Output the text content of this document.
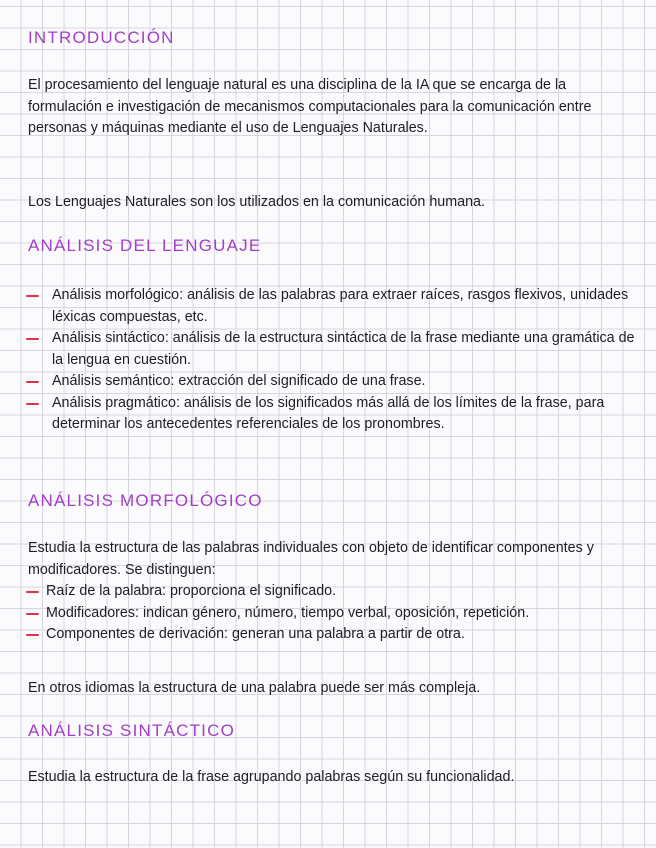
INTRODUCCIÓN

El procesamiento del lenguaje natural es una disciplina de la IA que se encarga de la formulación e investigación de mecanismos computacionales para la comunicación entre personas y máquinas mediante el uso de Lenguajes Naturales.

Los Lenguajes Naturales son los utilizados en la comunicación humana.

ANÁLISIS DEL LENGUAJE
Análisis morfológico: análisis de las palabras para extraer raíces, rasgos flexivos, unidades léxicas compuestas, etc.
Análisis sintáctico: análisis de la estructura sintáctica de la frase mediante una gramática de la lengua en cuestión.
Análisis semántico: extracción del significado de una frase.
Análisis pragmático: análisis de los significados más allá de los límites de la frase, para determinar los antecedentes referenciales de los pronombres.
ANÁLISIS MORFOLÓGICO

Estudia la estructura de las palabras individuales con objeto de identificar componentes y modificadores. Se distinguen:

Raíz de la palabra: proporciona el significado.
Modificadores: indican género, número, tiempo verbal, oposición, repetición.
Componentes de derivación: generan una palabra a partir de otra.

En otros idiomas la estructura de una palabra puede ser más compleja.

ANÁLISIS SINTÁCTICO

Estudia la estructura de la frase agrupando palabras según su funcionalidad.
